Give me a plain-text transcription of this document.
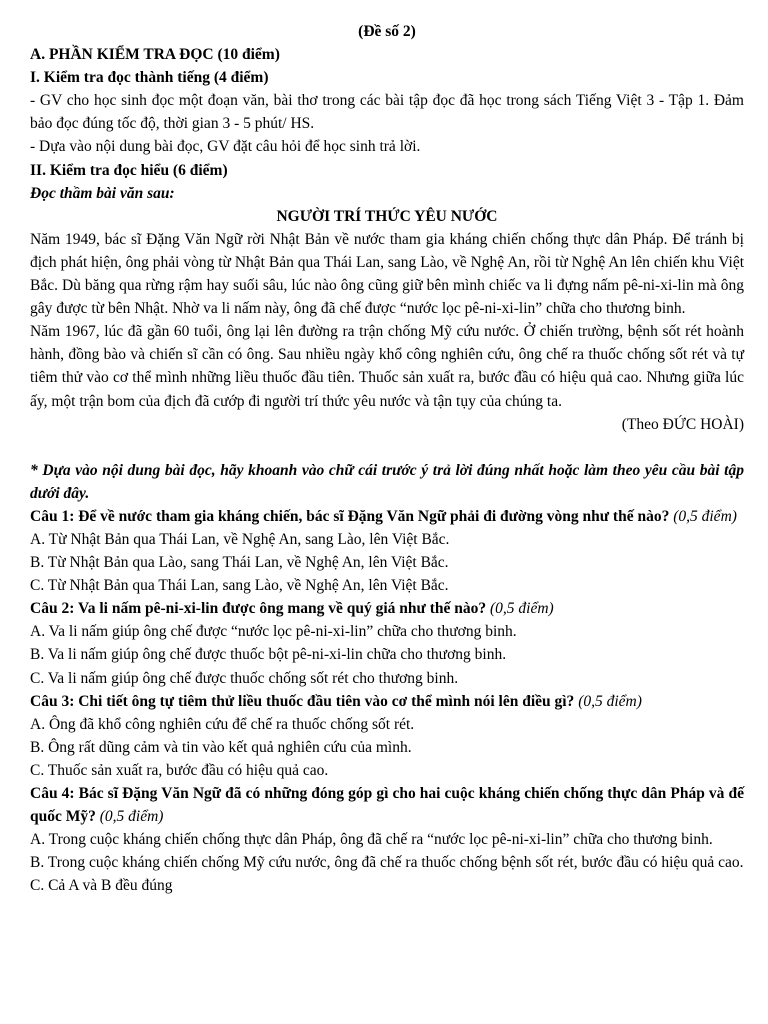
(Đề số 2)

A. PHẦN KIỂM TRA ĐỌC (10 điểm)

I. Kiểm tra đọc thành tiếng (4 điểm)

- GV cho học sinh đọc một đoạn văn, bài thơ trong các bài tập đọc đã học trong sách Tiếng Việt 3 - Tập 1. Đảm bảo đọc đúng tốc độ, thời gian 3 - 5 phút/ HS.

- Dựa vào nội dung bài đọc, GV đặt câu hỏi để học sinh trả lời.

II. Kiểm tra đọc hiểu (6 điểm)

Đọc thầm bài văn sau:

NGƯỜI TRÍ THỨC YÊU NƯỚC

Năm 1949, bác sĩ Đặng Văn Ngữ rời Nhật Bản về nước tham gia kháng chiến chống thực dân Pháp. Để tránh bị địch phát hiện, ông phải vòng từ Nhật Bản qua Thái Lan, sang Lào, về Nghệ An, rồi từ Nghệ An lên chiến khu Việt Bắc. Dù băng qua rừng rậm hay suối sâu, lúc nào ông cũng giữ bên mình chiếc va li đựng nấm pê-ni-xi-lin mà ông gây được từ bên Nhật. Nhờ va li nấm này, ông đã chế được “nước lọc pê-ni-xi-lin” chữa cho thương binh.

Năm 1967, lúc đã gần 60 tuổi, ông lại lên đường ra trận chống Mỹ cứu nước. Ở chiến trường, bệnh sốt rét hoành hành, đồng bào và chiến sĩ cần có ông. Sau nhiều ngày khổ công nghiên cứu, ông chế ra thuốc chống sốt rét và tự tiêm thử vào cơ thể mình những liều thuốc đầu tiên. Thuốc sản xuất ra, bước đầu có hiệu quả cao. Nhưng giữa lúc ấy, một trận bom của địch đã cướp đi người trí thức yêu nước và tận tụy của chúng ta.

(Theo ĐỨC HOÀI)

* Dựa vào nội dung bài đọc, hãy khoanh vào chữ cái trước ý trả lời đúng nhất hoặc làm theo yêu cầu bài tập dưới đây.

Câu 1: Để về nước tham gia kháng chiến, bác sĩ Đặng Văn Ngữ phải đi đường vòng như thế nào? (0,5 điểm)

A. Từ Nhật Bản qua Thái Lan, về Nghệ An, sang Lào, lên Việt Bắc.

B. Từ Nhật Bản qua Lào, sang Thái Lan, về Nghệ An, lên Việt Bắc.

C. Từ Nhật Bản qua Thái Lan, sang Lào, về Nghệ An, lên Việt Bắc.

Câu 2: Va li nấm pê-ni-xi-lin được ông mang về quý giá như thế nào? (0,5 điểm)

A. Va li nấm giúp ông chế được “nước lọc pê-ni-xi-lin” chữa cho thương binh.

B. Va li nấm giúp ông chế được thuốc bột pê-ni-xi-lin chữa cho thương binh.

C. Va li nấm giúp ông chế được thuốc chống sốt rét cho thương binh.

Câu 3: Chi tiết ông tự tiêm thử liều thuốc đầu tiên vào cơ thể mình nói lên điều gì? (0,5 điểm)

A. Ông đã khổ công nghiên cứu để chế ra thuốc chống sốt rét.

B. Ông rất dũng cảm và tin vào kết quả nghiên cứu của mình.

C. Thuốc sản xuất ra, bước đầu có hiệu quả cao.

Câu 4: Bác sĩ Đặng Văn Ngữ đã có những đóng góp gì cho hai cuộc kháng chiến chống thực dân Pháp và đế quốc Mỹ? (0,5 điểm)

A. Trong cuộc kháng chiến chống thực dân Pháp, ông đã chế ra “nước lọc pê-ni-xi-lin” chữa cho thương binh.

B. Trong cuộc kháng chiến chống Mỹ cứu nước, ông đã chế ra thuốc chống bệnh sốt rét, bước đầu có hiệu quả cao.

C. Cả A và B đều đúng
